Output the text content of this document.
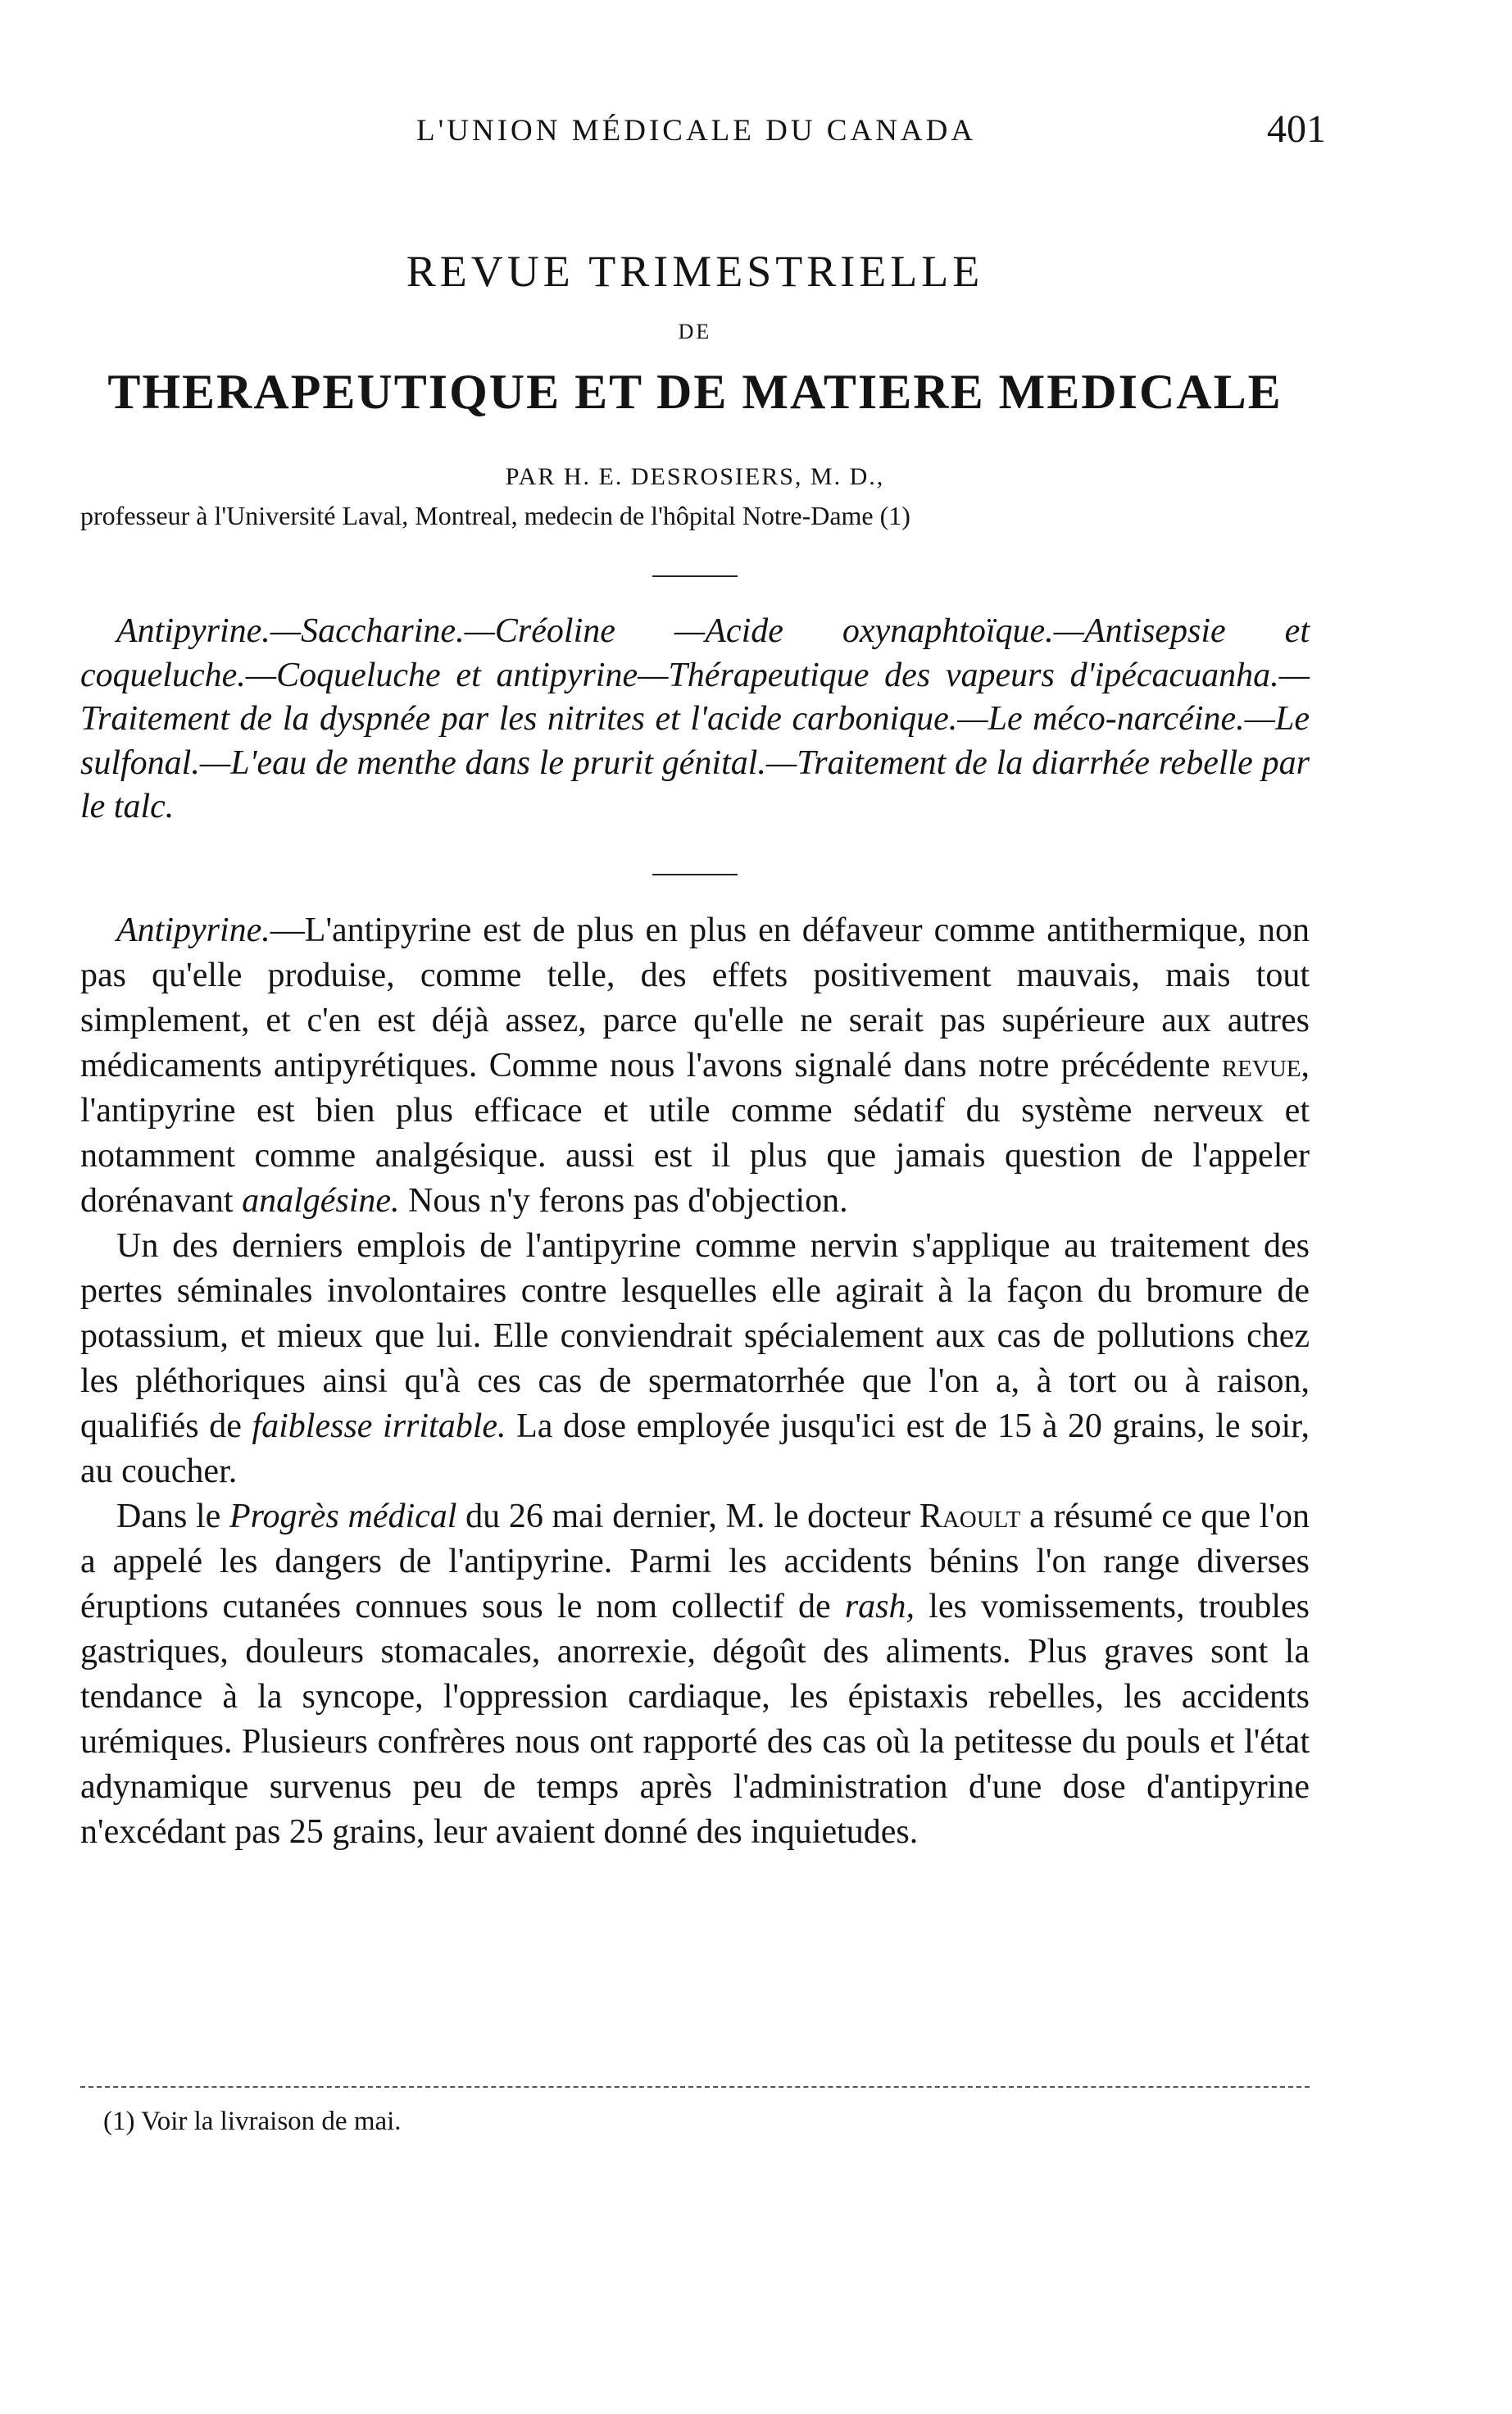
L'UNION MÉDICALE DU CANADA	401

REVUE TRIMESTRIELLE

DE

THERAPEUTIQUE ET DE MATIERE MEDICALE

PAR H. E. DESROSIERS, M. D.,
professeur à l'Université Laval, Montreal, medecin de l'hôpital Notre-Dame (1)

Antipyrine.—Saccharine.—Créoline —Acide oxynaphtoïque.—Antisepsie et coqueluche.—Coqueluche et antipyrine—Thérapeutique des vapeurs d'ipécacuanha.—Traitement de la dyspnée par les nitrites et l'acide carbonique.—Le méco-narcéine.—Le sulfonal.—L'eau de menthe dans le prurit génital.—Traitement de la diarrhée rebelle par le talc.

Antipyrine.—L'antipyrine est de plus en plus en défaveur comme antithermique, non pas qu'elle produise, comme telle, des effets positivement mauvais, mais tout simplement, et c'en est déjà assez, parce qu'elle ne serait pas supérieure aux autres médicaments antipyrétiques. Comme nous l'avons signalé dans notre précédente revue, l'antipyrine est bien plus efficace et utile comme sédatif du système nerveux et notamment comme analgésique. aussi est il plus que jamais question de l'appeler dorénavant analgésine. Nous n'y ferons pas d'objection.

Un des derniers emplois de l'antipyrine comme nervin s'applique au traitement des pertes séminales involontaires contre lesquelles elle agirait à la façon du bromure de potassium, et mieux que lui. Elle conviendrait spécialement aux cas de pollutions chez les pléthoriques ainsi qu'à ces cas de spermatorrhée que l'on a, à tort ou à raison, qualifiés de faiblesse irritable. La dose employée jusqu'ici est de 15 à 20 grains, le soir, au coucher.

Dans le Progrès médical du 26 mai dernier, M. le docteur Raoult a résumé ce que l'on a appelé les dangers de l'antipyrine. Parmi les accidents bénins l'on range diverses éruptions cutanées connues sous le nom collectif de rash, les vomissements, troubles gastriques, douleurs stomacales, anorrexie, dégoût des aliments. Plus graves sont la tendance à la syncope, l'oppression cardiaque, les épistaxis rebelles, les accidents urémiques. Plusieurs confrères nous ont rapporté des cas où la petitesse du pouls et l'état adynamique survenus peu de temps après l'administration d'une dose d'antipyrine n'excédant pas 25 grains, leur avaient donné des inquietudes.

(1) Voir la livraison de mai.
